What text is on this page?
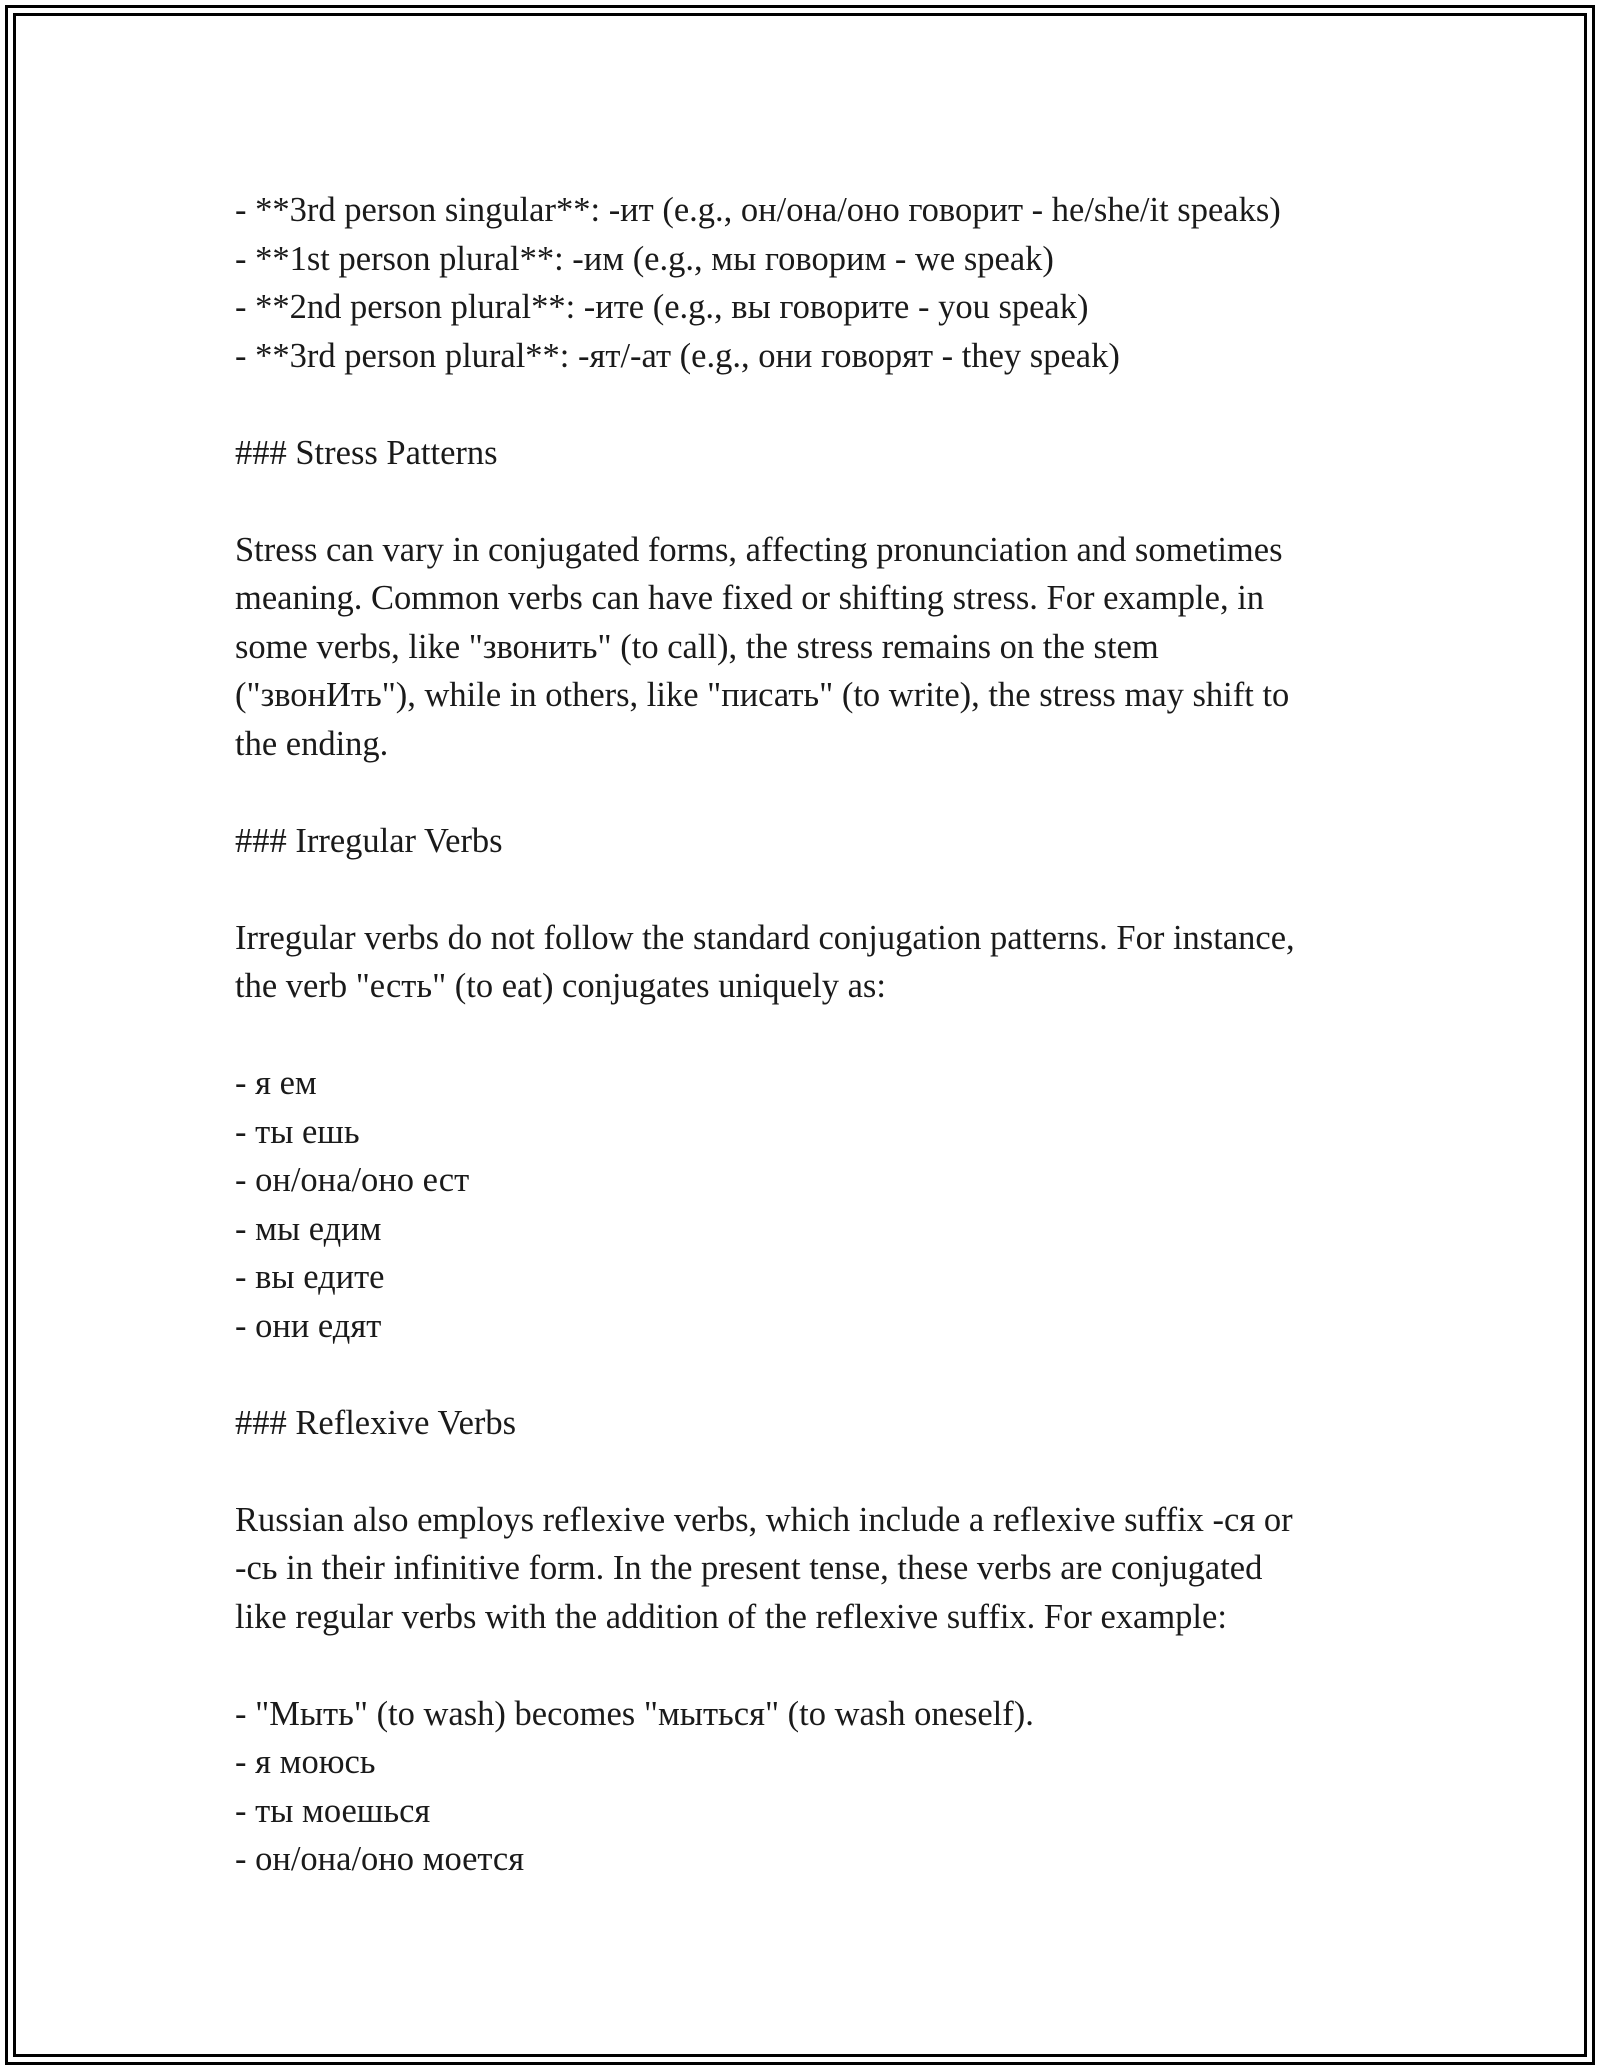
- **3rd person singular**: -ит (e.g., он/она/оно говорит - he/she/it speaks)
- **1st person plural**: -им (e.g., мы говорим - we speak)
- **2nd person plural**: -ите (e.g., вы говорите - you speak)
- **3rd person plural**: -ят/-ат (e.g., они говорят - they speak)
### Stress Patterns
Stress can vary in conjugated forms, affecting pronunciation and sometimes
meaning. Common verbs can have fixed or shifting stress. For example, in
some verbs, like "звонить" (to call), the stress remains on the stem
("звонИть"), while in others, like "писать" (to write), the stress may shift to
the ending.
### Irregular Verbs
Irregular verbs do not follow the standard conjugation patterns. For instance,
the verb "есть" (to eat) conjugates uniquely as:
- я ем
- ты ешь
- он/она/оно ест
- мы едим
- вы едите
- они едят
### Reflexive Verbs
Russian also employs reflexive verbs, which include a reflexive suffix -ся or
-сь in their infinitive form. In the present tense, these verbs are conjugated
like regular verbs with the addition of the reflexive suffix. For example:
- "Мыть" (to wash) becomes "мыться" (to wash oneself).
- я моюсь
- ты моешься
- он/она/оно моется
